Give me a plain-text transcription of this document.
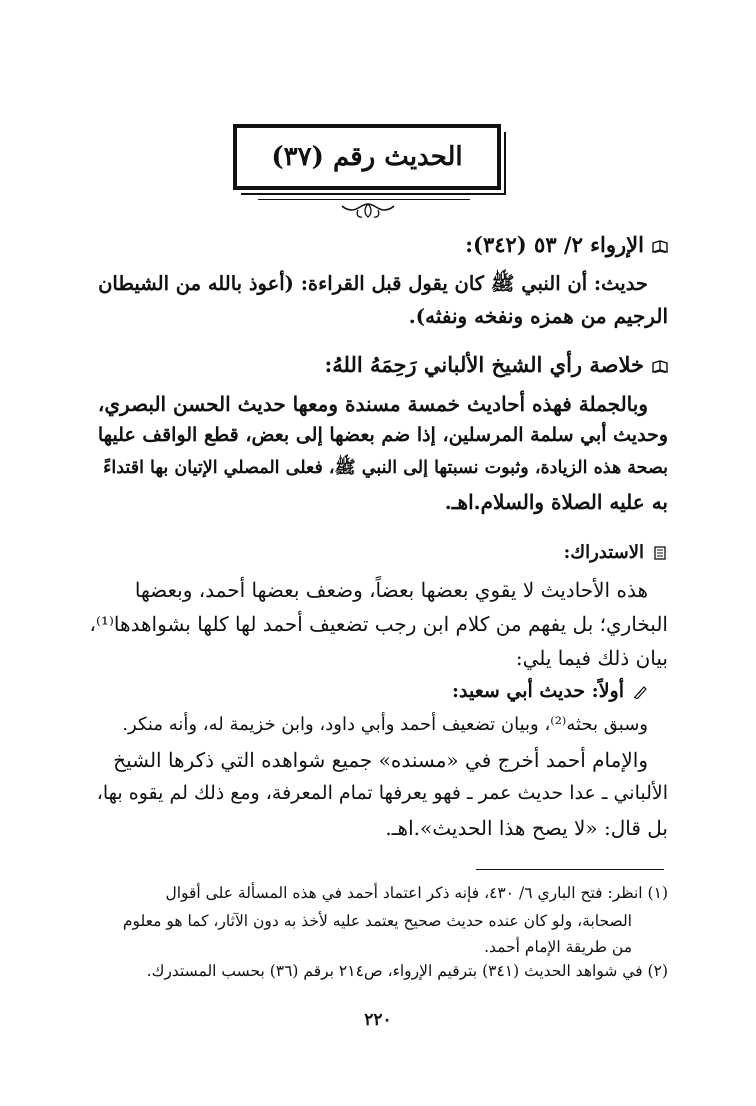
الحديث رقم (٣٧)
الإرواء ٢/ ٥٣ (٣٤٢):
حديث: أن النبي ﷺ كان يقول قبل القراءة: (أعوذ بالله من الشيطان
الرجيم من همزه ونفخه ونفثه).
خلاصة رأي الشيخ الألباني رَحِمَهُ اللهُ:
وبالجملة فهذه أحاديث خمسة مسندة ومعها حديث الحسن البصري،
وحديث أبي سلمة المرسلين، إذا ضم بعضها إلى بعض، قطع الواقف عليها
بصحة هذه الزيادة، وثبوت نسبتها إلى النبي ﷺ، فعلى المصلي الإتيان بها اقتداءً
به عليه الصلاة والسلام.اهـ.
الاستدراك:
هذه الأحاديث لا يقوي بعضها بعضاً، وضعف بعضها أحمد، وبعضها
البخاري؛ بل يفهم من كلام ابن رجب تضعيف أحمد لها كلها بشواهدها⁽¹⁾،
بيان ذلك فيما يلي:
أولاً: حديث أبي سعيد:
وسبق بحثه⁽²⁾، وبيان تضعيف أحمد وأبي داود، وابن خزيمة له، وأنه منكر.
والإمام أحمد أخرج في «مسنده» جميع شواهده التي ذكرها الشيخ
الألباني ـ عدا حديث عمر ـ فهو يعرفها تمام المعرفة، ومع ذلك لم يقوه بها،
بل قال: «لا يصح هذا الحديث».اهـ.
(١) انظر: فتح الباري ٦/ ٤٣٠، فإنه ذكر اعتماد أحمد في هذه المسألة على أقوال
الصحابة، ولو كان عنده حديث صحيح يعتمد عليه لأخذ به دون الآثار، كما هو معلوم
من طريقة الإمام أحمد.
(٢) في شواهد الحديث (٣٤١) بترقيم الإرواء، ص٢١٤ برقم (٣٦) بحسب المستدرك.
٢٢٠
